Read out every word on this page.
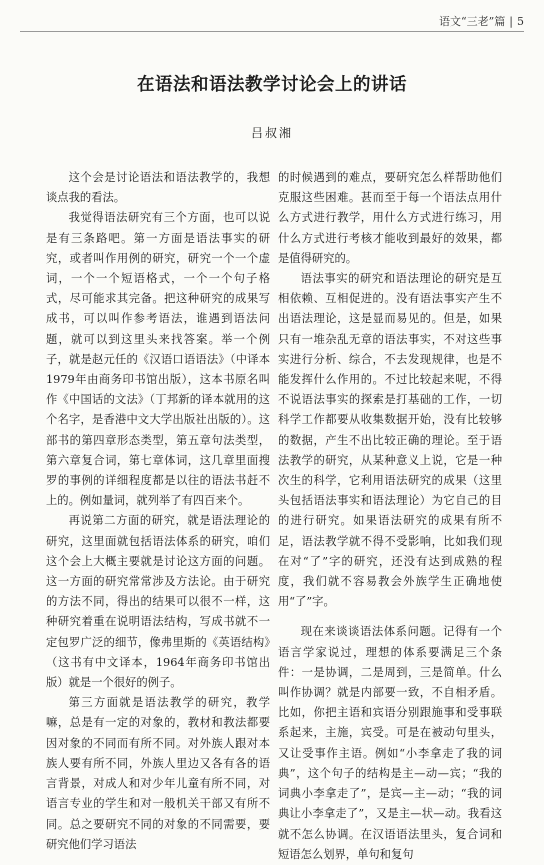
语文“三老”篇 | 5
在语法和语法教学讨论会上的讲话
吕叔湘

这个会是讨论语法和语法教学的，我想谈点我的看法。

我觉得语法研究有三个方面，也可以说是有三条路吧。第一方面是语法事实的研究，或者叫作用例的研究，研究一个一个虚词，一个一个短语格式，一个一个句子格式，尽可能求其完备。把这种研究的成果写成书，可以叫作参考语法，谁遇到语法问题，就可以到这里头来找答案。举一个例子，就是赵元任的《汉语口语语法》（中译本1979年由商务印书馆出版），这本书原名叫作《中国话的文法》（丁邦新的译本就用的这个名字，是香港中文大学出版社出版的）。这部书的第四章形态类型，第五章句法类型，第六章复合词，第七章体词，这几章里面搜罗的事例的详细程度都是以往的语法书赶不上的。例如量词，就列举了有四百来个。

再说第二方面的研究，就是语法理论的研究，这里面就包括语法体系的研究，咱们这个会上大概主要就是讨论这方面的问题。这一方面的研究常常涉及方法论。由于研究的方法不同，得出的结果可以很不一样，这种研究着重在说明语法结构，写成书就不一定包罗广泛的细节，像弗里斯的《英语结构》（这书有中文译本，1964年商务印书馆出版）就是一个很好的例子。

第三方面就是语法教学的研究，教学嘛，总是有一定的对象的，教材和教法都要因对象的不同而有所不同。对外族人跟对本族人要有所不同，外族人里边又各有各的语言背景，对成人和对少年儿童有所不同，对语言专业的学生和对一般机关干部又有所不同。总之要研究不同的对象的不同需要，要研究他们学习语法

的时候遇到的难点，要研究怎么样帮助他们克服这些困难。甚而至于每一个语法点用什么方式进行教学，用什么方式进行练习，用什么方式进行考核才能收到最好的效果，都是值得研究的。

语法事实的研究和语法理论的研究是互相依赖、互相促进的。没有语法事实产生不出语法理论，这是显而易见的。但是，如果只有一堆杂乱无章的语法事实，不对这些事实进行分析、综合，不去发现规律，也是不能发挥什么作用的。不过比较起来呢，不得不说语法事实的探索是打基础的工作，一切科学工作都要从收集数据开始，没有比较够的数据，产生不出比较正确的理论。至于语法教学的研究，从某种意义上说，它是一种次生的科学，它利用语法研究的成果（这里头包括语法事实和语法理论）为它自己的目的进行研究。如果语法研究的成果有所不足，语法教学就不得不受影响，比如我们现在对“了”字的研究，还没有达到成熟的程度，我们就不容易教会外族学生正确地使用“了”字。

现在来谈谈语法体系问题。记得有一个语言学家说过，理想的体系要满足三个条件：一是协调，二是周到，三是简单。什么叫作协调？就是内部要一致，不自相矛盾。比如，你把主语和宾语分别跟施事和受事联系起来，主施，宾受。可是在被动句里头，又让受事作主语。例如“小李拿走了我的词典”，这个句子的结构是主—动—宾；“我的词典小李拿走了”，是宾—主—动；“我的词典让小李拿走了”，又是主—状—动。我看这就不怎么协调。在汉语语法里头，复合词和短语怎么划界，单句和复句
